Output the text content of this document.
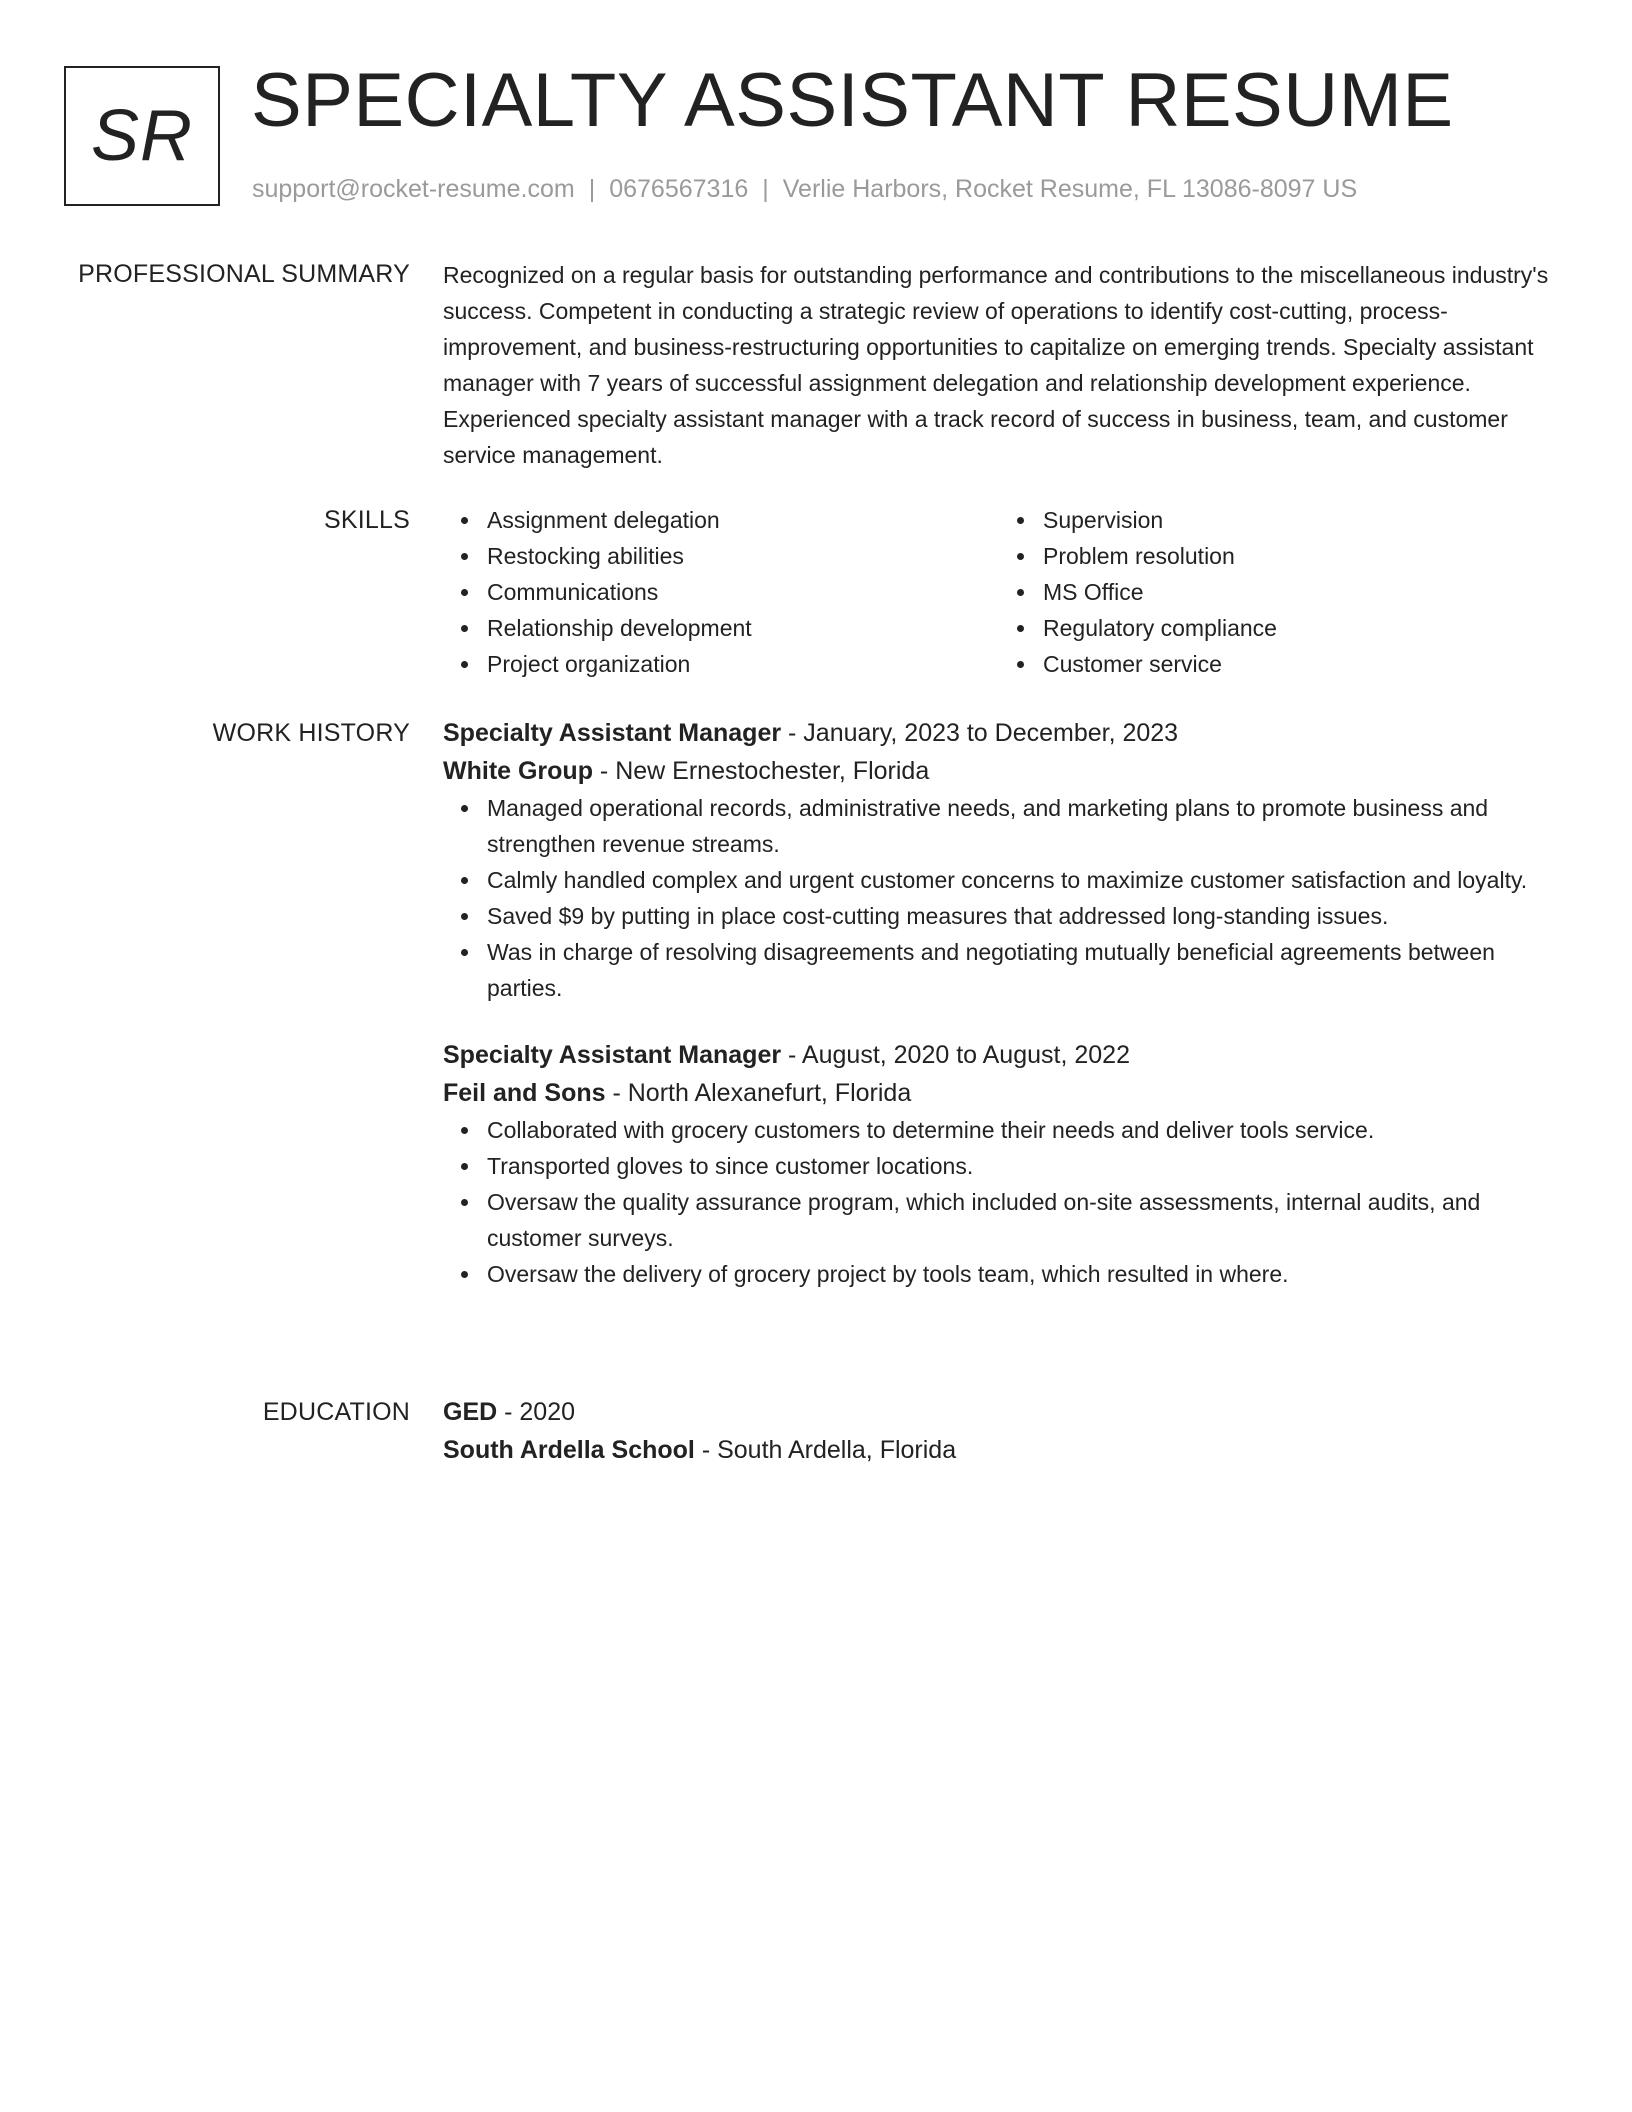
SR SPECIALTY ASSISTANT RESUME
support@rocket-resume.com | 0676567316 | Verlie Harbors, Rocket Resume, FL 13086-8097 US
PROFESSIONAL SUMMARY Recognized on a regular basis for outstanding performance and contributions to the miscellaneous industry's success. Competent in conducting a strategic review of operations to identify cost-cutting, process-improvement, and business-restructuring opportunities to capitalize on emerging trends. Specialty assistant manager with 7 years of successful assignment delegation and relationship development experience. Experienced specialty assistant manager with a track record of success in business, team, and customer service management.

SKILLS	Assignment delegation
Restocking abilities
Communications
Relationship development
Project organization
Supervision
Problem resolution
MS Office
Regulatory compliance
Customer service
WORK HISTORY Specialty Assistant Manager - January, 2023 to December, 2023
White Group - New Ernestochester, Florida
Managed operational records, administrative needs, and marketing plans to promote business and strengthen revenue streams.
Calmly handled complex and urgent customer concerns to maximize customer satisfaction and loyalty.
Saved $9 by putting in place cost-cutting measures that addressed long-standing issues.
Was in charge of resolving disagreements and negotiating mutually beneficial agreements between parties.
Specialty Assistant Manager - August, 2020 to August, 2022
Feil and Sons - North Alexanefurt, Florida
Collaborated with grocery customers to determine their needs and deliver tools service.
Transported gloves to since customer locations.
Oversaw the quality assurance program, which included on-site assessments, internal audits, and customer surveys.
Oversaw the delivery of grocery project by tools team, which resulted in where.
EDUCATION GED - 2020
South Ardella School - South Ardella, Florida
